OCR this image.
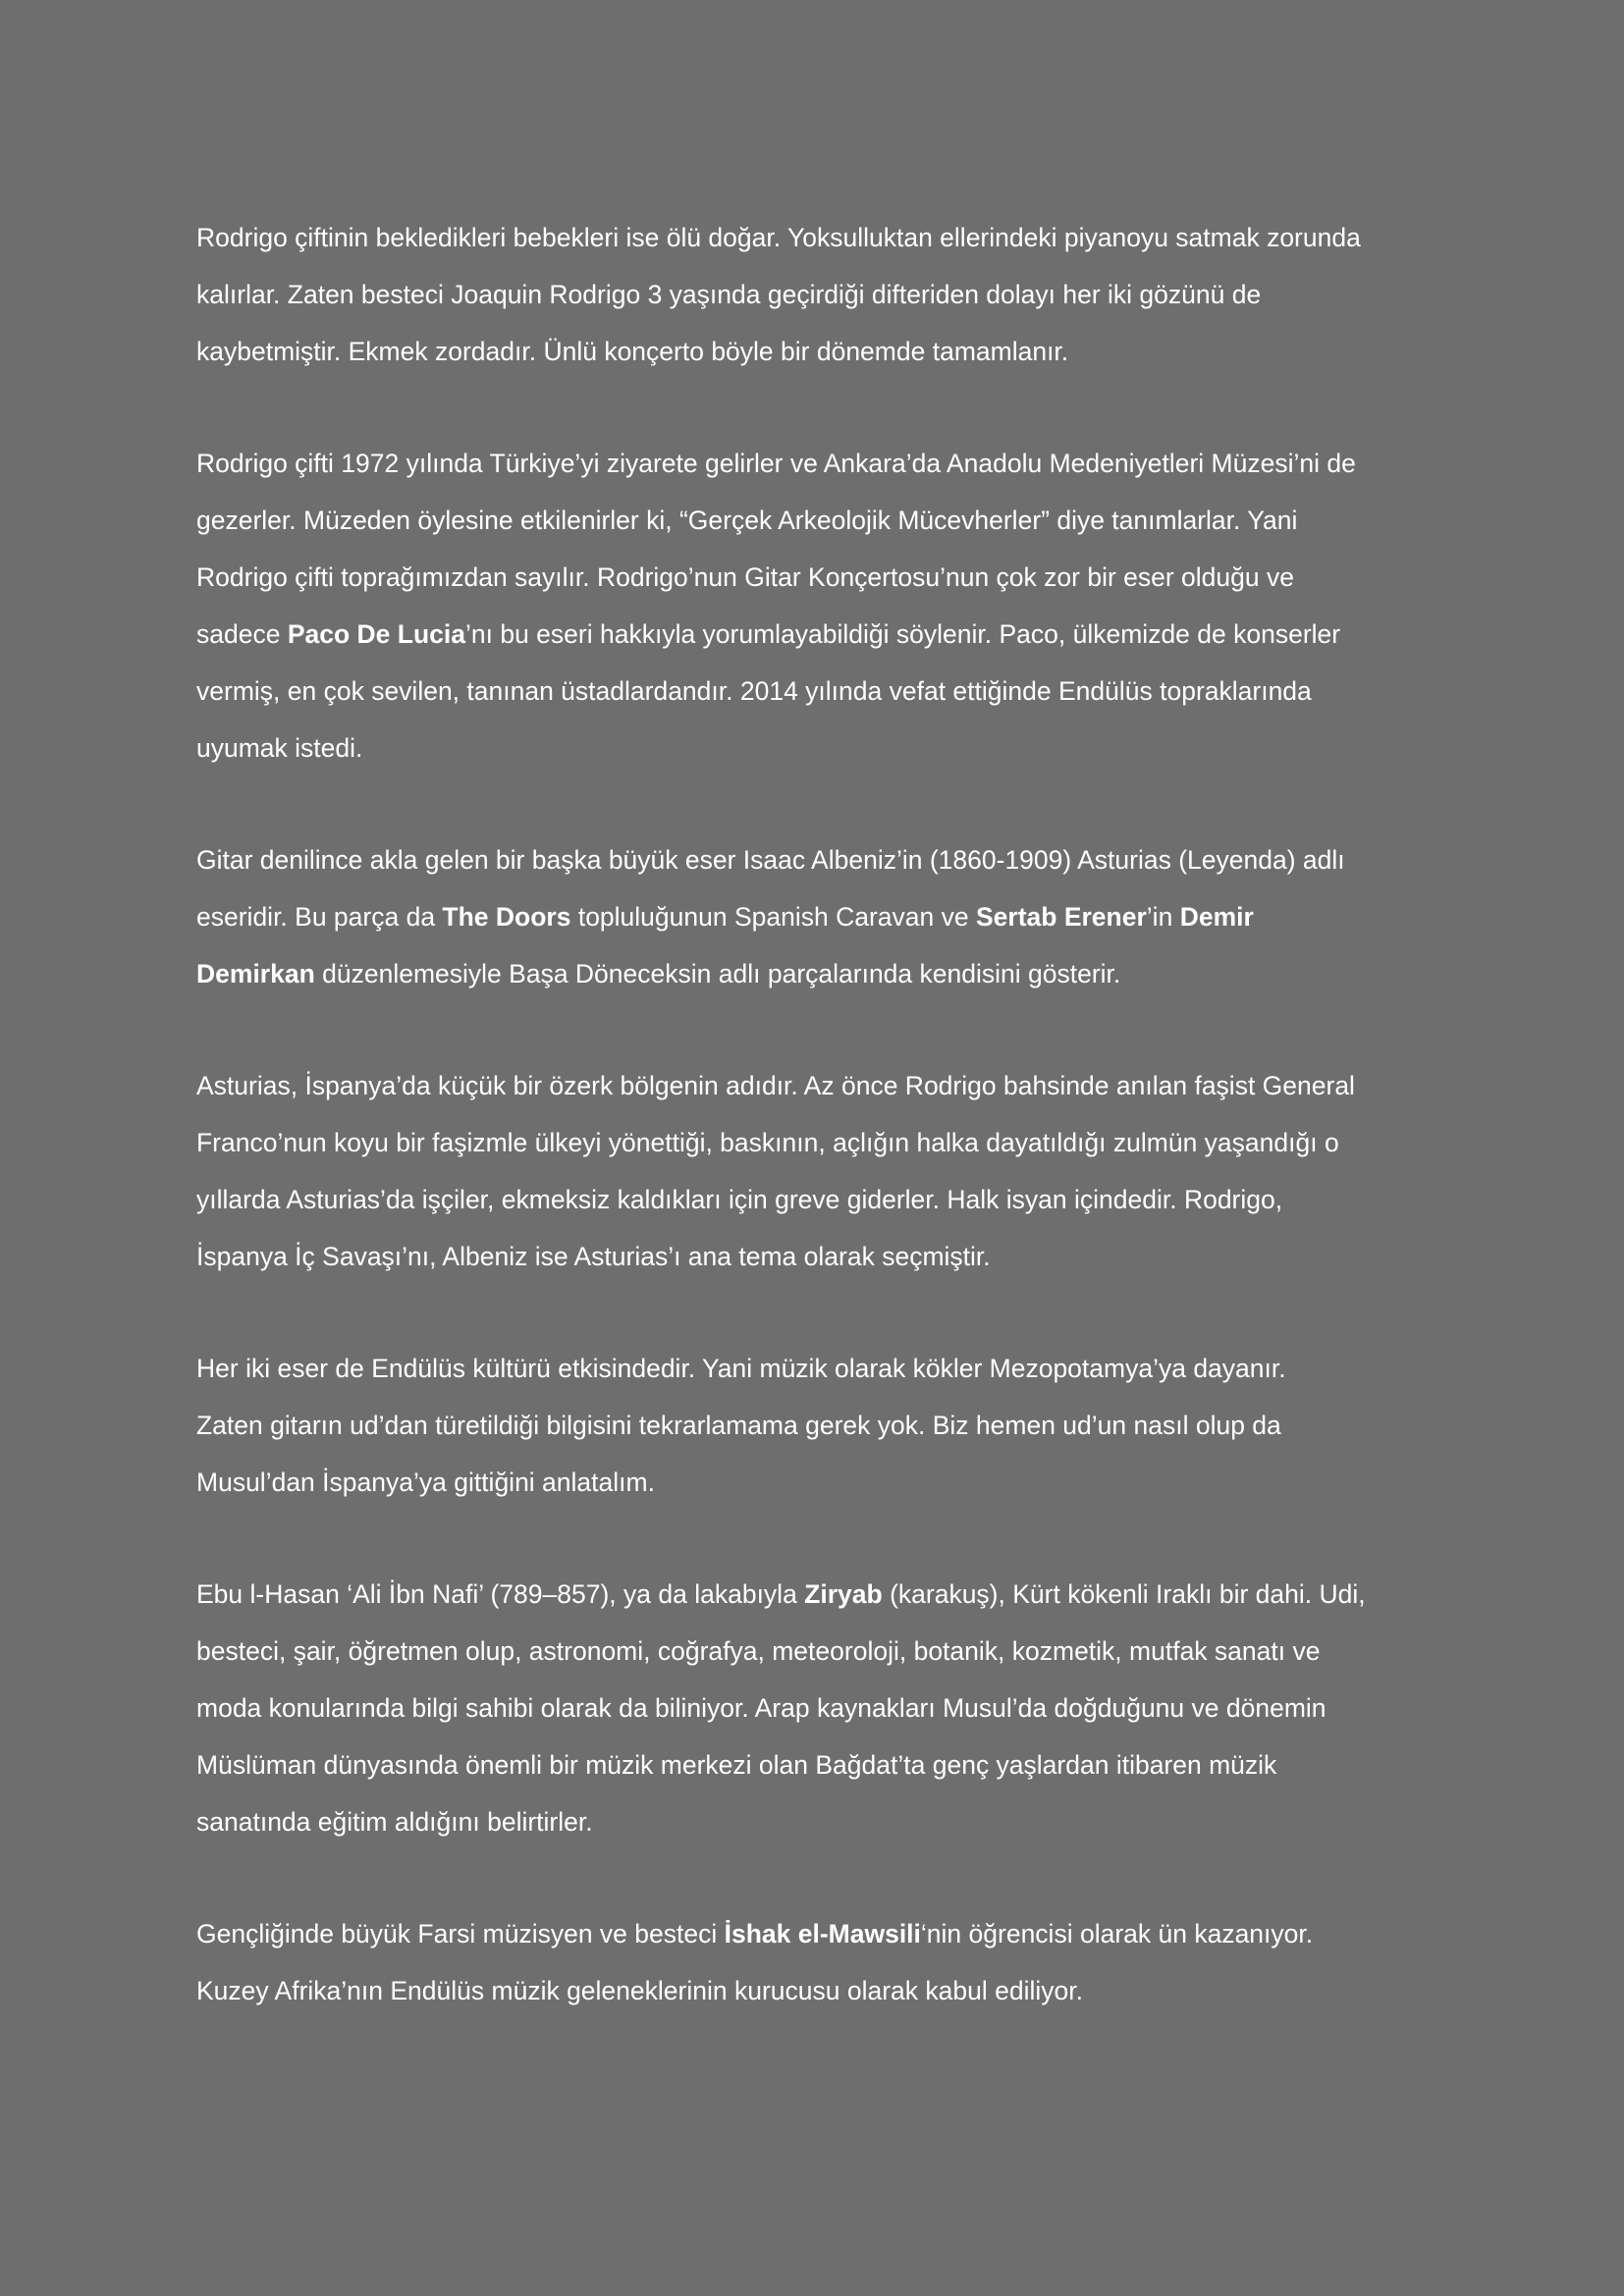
Rodrigo çiftinin bekledikleri bebekleri ise ölü doğar. Yoksulluktan ellerindeki piyanoyu satmak zorunda
kalırlar. Zaten besteci Joaquin Rodrigo 3 yaşında geçirdiği difteriden dolayı her iki gözünü de
kaybetmiştir. Ekmek zordadır. Ünlü konçerto böyle bir dönemde tamamlanır.

Rodrigo çifti 1972 yılında Türkiye’yi ziyarete gelirler ve Ankara’da Anadolu Medeniyetleri Müzesi’ni de
gezerler. Müzeden öylesine etkilenirler ki, “Gerçek Arkeolojik Mücevherler” diye tanımlarlar. Yani
Rodrigo çifti toprağımızdan sayılır. Rodrigo’nun Gitar Konçertosu’nun çok zor bir eser olduğu ve
sadece Paco De Lucia’nı bu eseri hakkıyla yorumlayabildiği söylenir. Paco, ülkemizde de konserler
vermiş, en çok sevilen, tanınan üstadlardandır. 2014 yılında vefat ettiğinde Endülüs topraklarında
uyumak istedi.

Gitar denilince akla gelen bir başka büyük eser Isaac Albeniz’in (1860-1909) Asturias (Leyenda) adlı
eseridir. Bu parça da The Doors topluluğunun Spanish Caravan ve Sertab Erener’in Demir
Demirkan düzenlemesiyle Başa Döneceksin adlı parçalarında kendisini gösterir.

Asturias, İspanya’da küçük bir özerk bölgenin adıdır. Az önce Rodrigo bahsinde anılan faşist General
Franco’nun koyu bir faşizmle ülkeyi yönettiği, baskının, açlığın halka dayatıldığı zulmün yaşandığı o
yıllarda Asturias’da işçiler, ekmeksiz kaldıkları için greve giderler. Halk isyan içindedir. Rodrigo,
İspanya İç Savaşı’nı, Albeniz ise Asturias’ı ana tema olarak seçmiştir.

Her iki eser de Endülüs kültürü etkisindedir. Yani müzik olarak kökler Mezopotamya’ya dayanır.
Zaten gitarın ud’dan türetildiği bilgisini tekrarlamama gerek yok. Biz hemen ud’un nasıl olup da
Musul’dan İspanya’ya gittiğini anlatalım.

Ebu l-Hasan ‘Ali İbn Nafi’ (789–857), ya da lakabıyla Ziryab (karakuş), Kürt kökenli Iraklı bir dahi. Udi,
besteci, şair, öğretmen olup, astronomi, coğrafya, meteoroloji, botanik, kozmetik, mutfak sanatı ve
moda konularında bilgi sahibi olarak da biliniyor. Arap kaynakları Musul’da doğduğunu ve dönemin
Müslüman dünyasında önemli bir müzik merkezi olan Bağdat’ta genç yaşlardan itibaren müzik
sanatında eğitim aldığını belirtirler.

Gençliğinde büyük Farsi müzisyen ve besteci İshak el-Mawsili‘nin öğrencisi olarak ün kazanıyor.
Kuzey Afrika’nın Endülüs müzik geleneklerinin kurucusu olarak kabul ediliyor.
